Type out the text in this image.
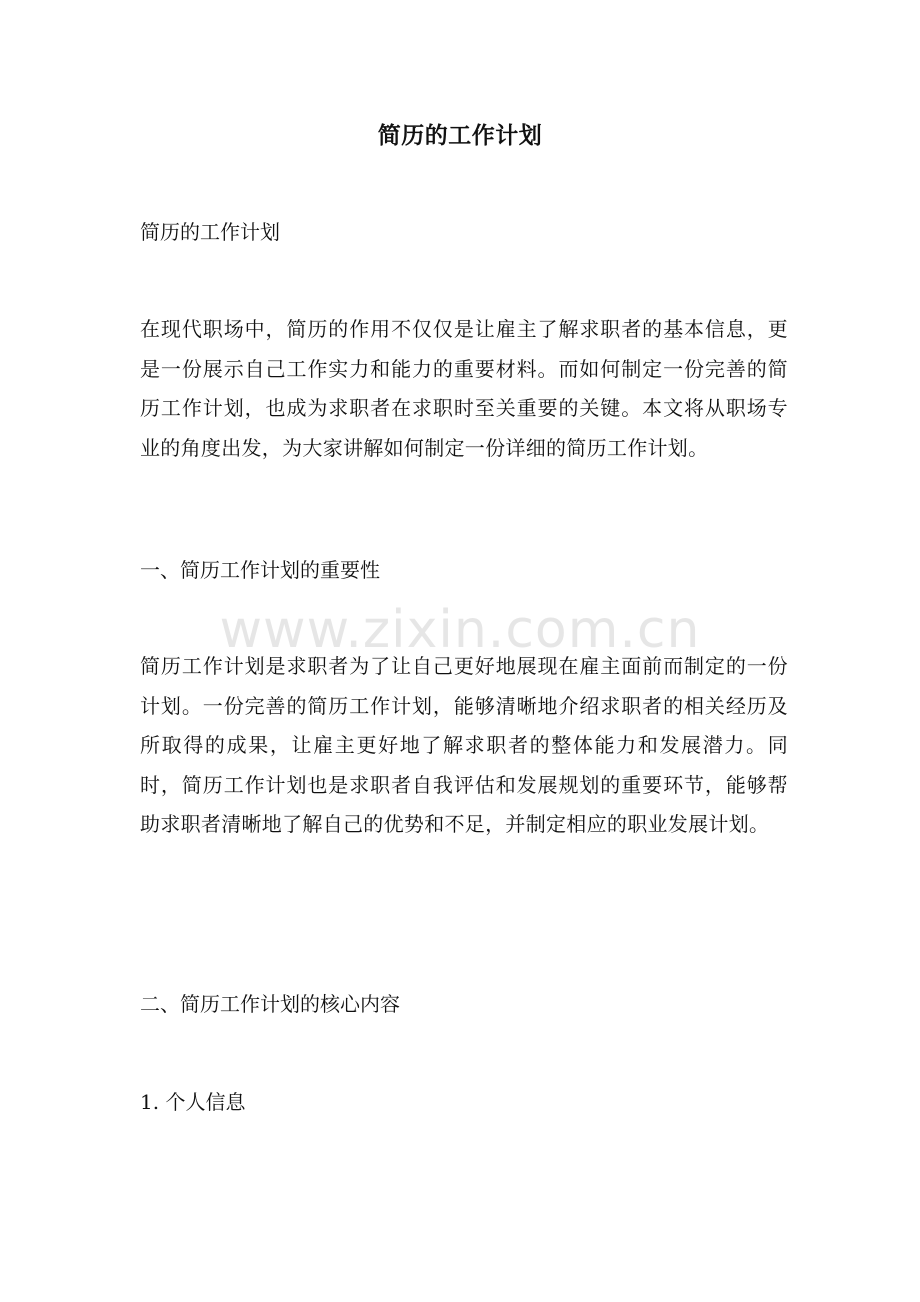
简历的工作计划
简历的工作计划
在现代职场中，简历的作用不仅仅是让雇主了解求职者的基本信息，更是一份展示自己工作实力和能力的重要材料。而如何制定一份完善的简历工作计划，也成为求职者在求职时至关重要的关键。本文将从职场专业的角度出发，为大家讲解如何制定一份详细的简历工作计划。
一、简历工作计划的重要性
简历工作计划是求职者为了让自己更好地展现在雇主面前而制定的一份计划。一份完善的简历工作计划，能够清晰地介绍求职者的相关经历及所取得的成果，让雇主更好地了解求职者的整体能力和发展潜力。同时，简历工作计划也是求职者自我评估和发展规划的重要环节，能够帮助求职者清晰地了解自己的优势和不足，并制定相应的职业发展计划。
二、简历工作计划的核心内容
1. 个人信息
www.zixin.com.cn
